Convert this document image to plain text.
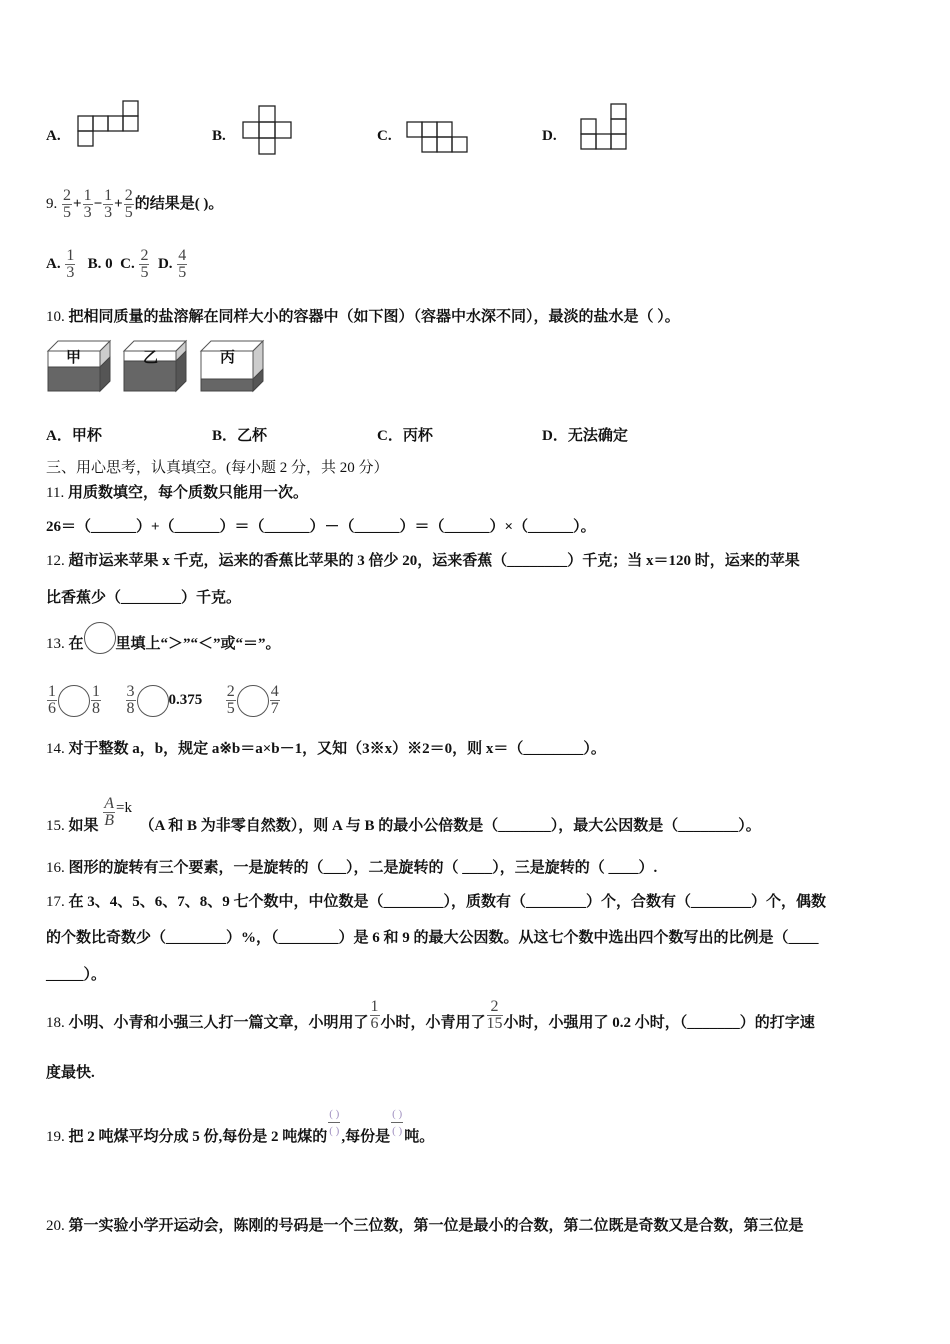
A.	B.	C.	D.
9. $\frac{2}{5} + \frac{1}{3} - \frac{1}{3} + \frac{2}{5}$ 的结果是( )。
A. $\frac{1}{3} B$. 0 C. $\frac{2}{5} D$. $\frac{4}{5}$
10. 把相同质量的盐溶解在同样大小的容器中（如下图）（容器中水深不同），最淡的盐水是（ ）。
甲	乙	丙
A．甲杯	B．乙杯	C．丙杯	D．无法确定
三、用心思考，认真填空。(每小题 2 分，共 20 分）
11. 用质数填空，每个质数只能用一次。
26＝（______）+（______）＝（______）－（______）＝（______）×（______）。
12. 超市运来苹果 x 千克，运来的香蕉比苹果的 3 倍少 20，运来香蕉（________）千克；当 x＝120 时，运来的苹果
比香蕉少（________）千克。
13. 在 里填上“＞”“＜”或“＝”。
$\frac{1}{6} \frac{1}{8}$
$\frac{3}{8} 0.375 \frac{2}{5} \frac{4}{7}$
14. 对于整数 a，b，规定 a※b＝a×b－1，又知（3※x）※2＝0，则 x＝（________）。
15. 如果 $\frac{A}{B} =k$  （A 和 B 为非零自然数），则 A 与 B 的最小公倍数是（_______），最大公因数是（________）。
16. 图形的旋转有三个要素，一是旋转的（___），二是旋转的（ ____），三是旋转的（ ____）.
17. 在 3、4、5、6、7、8、9 七个数中，中位数是（________），质数有（________）个，合数有（________）个，偶数
的个数比奇数少（________）%，（________）是 6 和 9 的最大公因数。从这七个数中选出四个数写出的比例是（____
_____）。
18. 小明、小青和小强三人打一篇文章，小明用了 $\frac{1}{6}$ 小时，小青用了 $\frac{2}{15}$ 小时，小强用了 0.2 小时，（_______）的打字速
度最快.
19. 把 2 吨煤平均分成 5 份,每份是 2 吨煤的
( )
( ) ,每份是
( )
( ) 吨。
20. 第一实验小学开运动会，陈刚的号码是一个三位数，第一位是最小的合数，第二位既是奇数又是合数，第三位是
